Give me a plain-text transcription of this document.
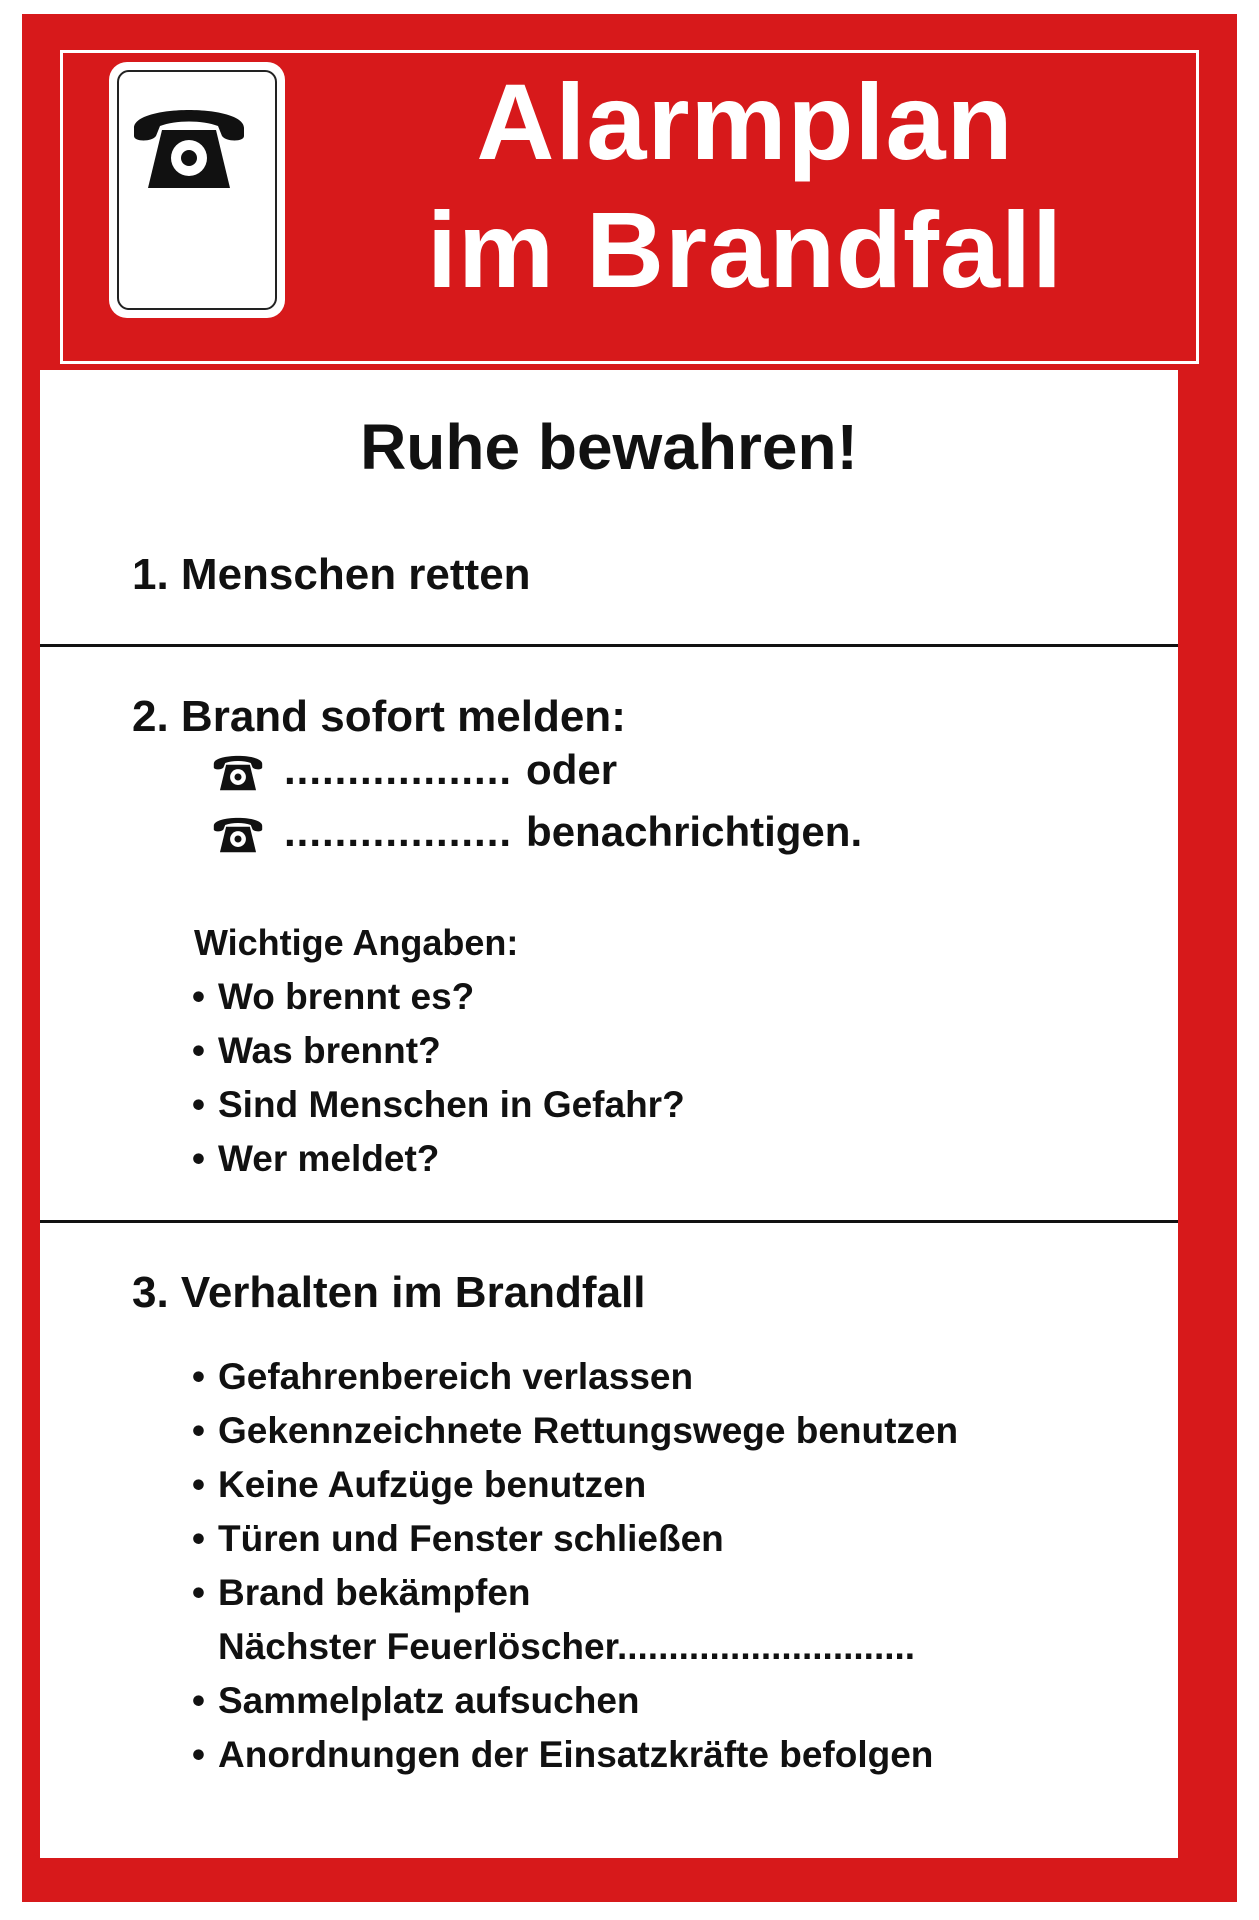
Alarmplan
im Brandfall
Ruhe bewahren!
1. Menschen retten
2. Brand sofort melden:
.................. oder
.................. benachrichtigen.
Wichtige Angaben:
• Wo brennt es?
• Was brennt?
• Sind Menschen in Gefahr?
• Wer meldet?
3. Verhalten im Brandfall
• Gefahrenbereich verlassen
• Gekennzeichnete Rettungswege benutzen
• Keine Aufzüge benutzen
• Türen und Fenster schließen
• Brand bekämpfen
Nächster Feuerlöscher.............................
• Sammelplatz aufsuchen
• Anordnungen der Einsatzkräfte befolgen
